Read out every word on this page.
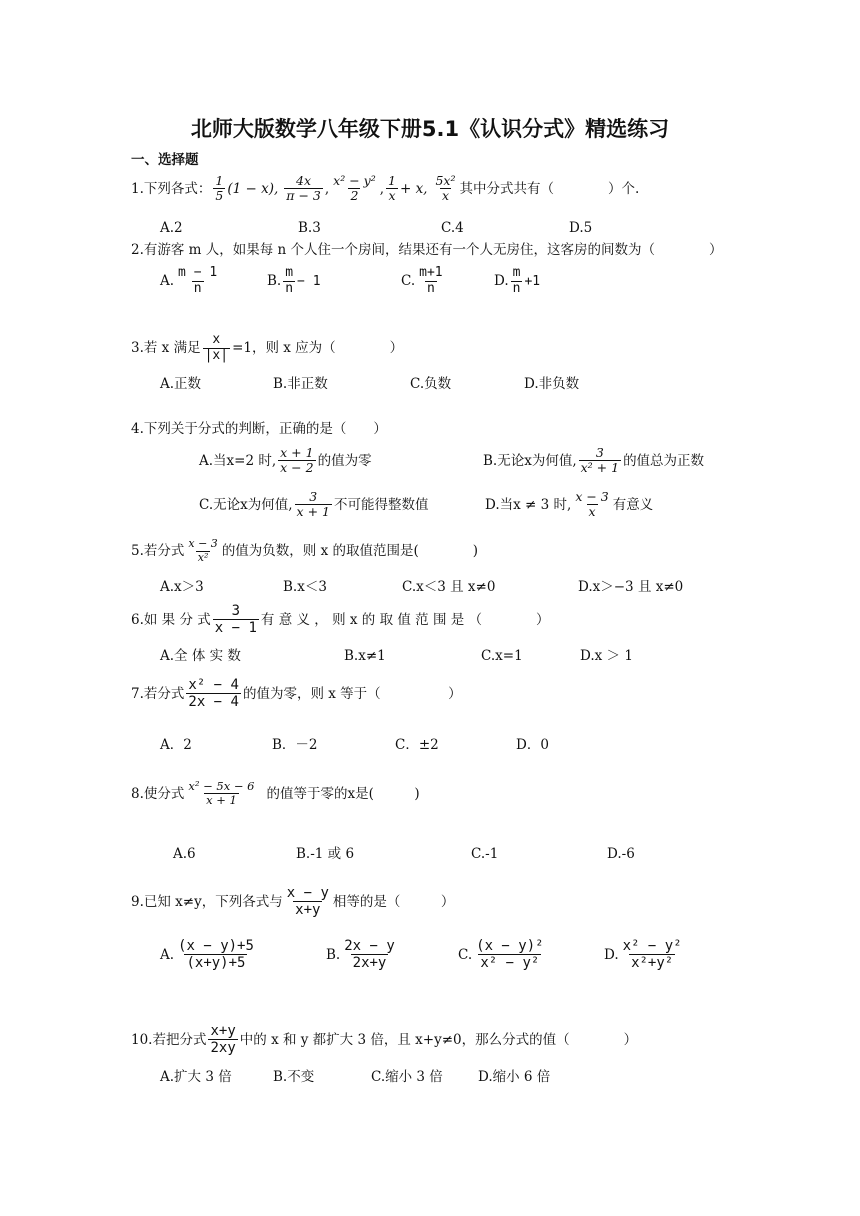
北师大版数学八年级下册5.1《认识分式》精选练习
一、选择题
1.下列各式： $\frac{1}{5} (1 - x)$, $\frac{4x}{\pi - 3}$ , $\frac{\text{x² − y²}}{2}$ , $\frac{1}{x} + x$, $\frac{\text{5x²}}{x}$ 其中分式共有（　　　　）个.
A.2	B.3	C.4	D.5
2.有游客 m 人，如果每 n 个人住一个房间，结果还有一个人无房住，这客房的间数为（　　　　）
A. $\frac{m - 1}{n}$	B. $\frac{m}{n} - 1$	C. $\frac{m+1}{n}$	D. $\frac{m}{n} +1$
3.若 x 满足 $\frac{x}{|x|} =1$，则 x 应为（　　　　）
A.正数	B.非正数	C.负数	D.非负数
4.下列关于分式的判断，正确的是（　　）
A.当x=2 时, $\frac{x + 1}{x - 2}$ 的值为零	B.无论x为何值, $\frac{3}{\text{x² + 1}}$ 的值总为正数
C.无论x为何值, $\frac{3}{x + 1}$ 不可能得整数值	D.当x ≠ 3 时, $\frac{x - 3}{x}$ 有意义
5.若分式 $\frac{x - 3}{\text{x²}}$ 的值为负数，则 x 的取值范围是(　　　　)
A.x＞3	B.x＜3	C.x＜3 且 x≠0	D.x＞−3 且 x≠0
6.如 果 分 式 $\frac{3}{x - 1}$ 有 意 义 ， 则 x 的 取 值 范 围 是 （　　　　）
A.全 体 实 数	B.x≠1	C.x=1	D.x ＞ 1
7.若分式 $\frac{\text{x² − 4}}{2x - 4}$ 的值为零，则 x 等于（　　　　　）
A．2	B．－2	C．±2	D．0
8.使分式 $\frac{\text{x² − 5x − 6}}{x + 1}$ 的值等于零的x是(　　　)
A.6	B.-1 或 6	C.-1	D.-6
9.已知 x≠y，下列各式与 $\frac{x - y}{x+y}$ 相等的是（　　　）
A. $\frac{(x - y)+5}{(x+y)+5}$	B. $\frac{2x - y}{2x+y}$	C. $\frac{\text{(x − y)²}}{\text{x² − y²}}$	D. $\frac{\text{x² − y²}}{\text{x²+y²}}$
10.若把分式 $\frac{x+y}{2xy}$ 中的 x 和 y 都扩大 3 倍，且 x+y≠0，那么分式的值（　　　　）
A.扩大 3 倍	B.不变	C.缩小 3 倍	D.缩小 6 倍
